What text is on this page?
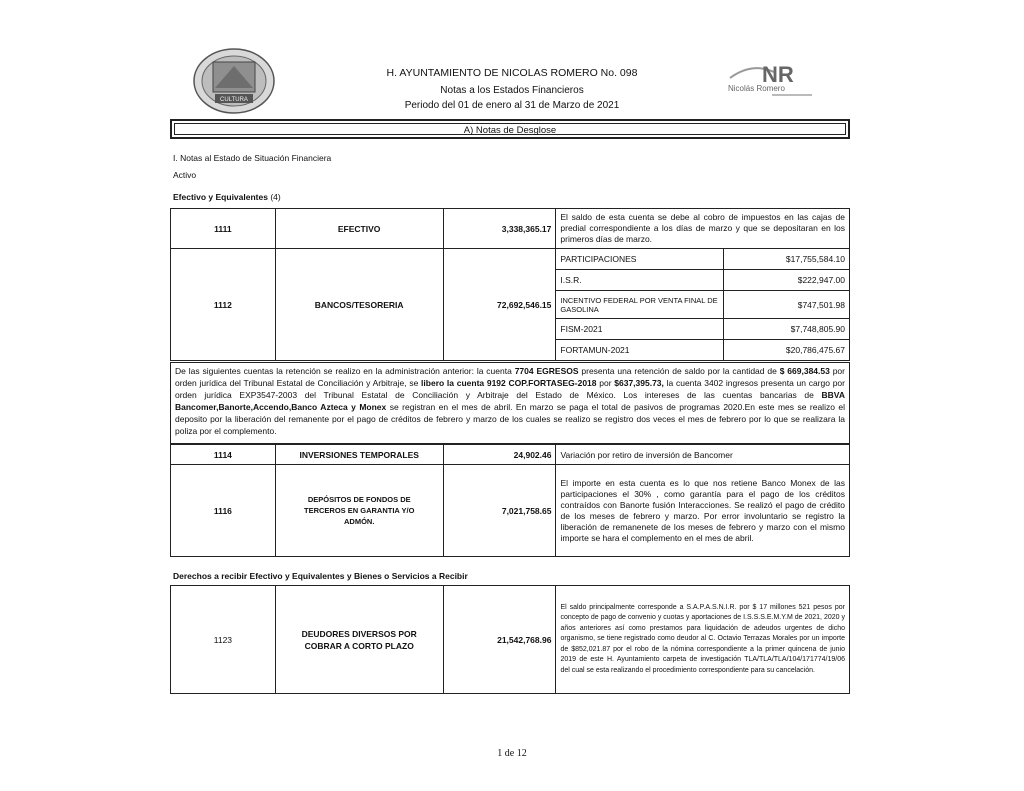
CULTURA
H. AYUNTAMIENTO DE NICOLAS ROMERO No. 098
Notas a los Estados Financieros
Periodo del 01 de enero al 31 de Marzo de 2021
NR
Nicolás Romero
A) Notas de Desglose
I. Notas al Estado de Situación Financiera
Activo
Efectivo y Equivalentes (4)
1111	EFECTIVO	3,338,365.17	El saldo de esta cuenta se debe al cobro de impuestos en las cajas de predial correspondiente a los días de marzo y que se depositaran en los primeros días de marzo.
1112	BANCOS/TESORERIA	72,692,546.15	
PARTICIPACIONES	$17,755,584.10
I.S.R.	$222,947.00
INCENTIVO FEDERAL POR VENTA FINAL DE GASOLINA	$747,501.98
FISM-2021	$7,748,805.90
FORTAMUN-2021	$20,786,475.67
De las siguientes cuentas la retención se realizo en la administración anterior: la cuenta 7704 EGRESOS presenta una retención de saldo por la cantidad de $ 669,384.53 por orden jurídica del Tribunal Estatal de Conciliación y Arbitraje, se libero la cuenta 9192 COP.FORTASEG-2018 por $637,395.73, la cuenta 3402 ingresos presenta un cargo por orden jurídica EXP3547-2003 del Tribunal Estatal de Conciliación y Arbitraje del Estado de México. Los intereses de las cuentas bancarias de BBVA Bancomer,Banorte,Accendo,Banco Azteca y Monex se registran en el mes de abril. En marzo se paga el total de pasivos de programas 2020.En este mes se realizo el deposito por la liberación del remanente por el pago de créditos de febrero y marzo de los cuales se realizo se registro dos veces el mes de febrero por lo que se realizara la poliza por el complemento.
1114	INVERSIONES TEMPORALES	24,902.46	Variación por retiro de inversión de Bancomer
1116	DEPÓSITOS DE FONDOS DE TERCEROS EN GARANTIA Y/O ADMÓN.	7,021,758.65	El importe en esta cuenta es lo que nos retiene Banco Monex de las participaciones el 30% , como garantía para el pago de los créditos contraídos con Banorte fusión Interacciones. Se realizó el pago de crédito de los meses de febrero y marzo. Por error involuntario se registro la liberación de remanenete de los meses de febrero y marzo con el mismo importe se hara el complemento en el mes de abril.
Derechos a recibir Efectivo y Equivalentes y Bienes o Servicios a Recibir
1123	DEUDORES DIVERSOS POR COBRAR A CORTO PLAZO	21,542,768.96	El saldo principalmente corresponde a S.A.P.A.S.N.I.R. por $ 17 millones 521 pesos por concepto de pago de convenio y cuotas y aportaciones de I.S.S.S.E.M.Y.M de 2021, 2020 y años anteriores así como prestamos para liquidación de adeudos urgentes de dicho organismo, se tiene registrado como deudor al C. Octavio Terrazas Morales por un importe de $852,021.87 por el robo de la nómina correspondiente a la primer quincena de junio 2019 de este H. Ayuntamiento carpeta de investigación TLA/TLA/TLA/104/171774/19/06 del cual se esta realizando el procedimiento correspondiente para su cancelación.
1 de 12
